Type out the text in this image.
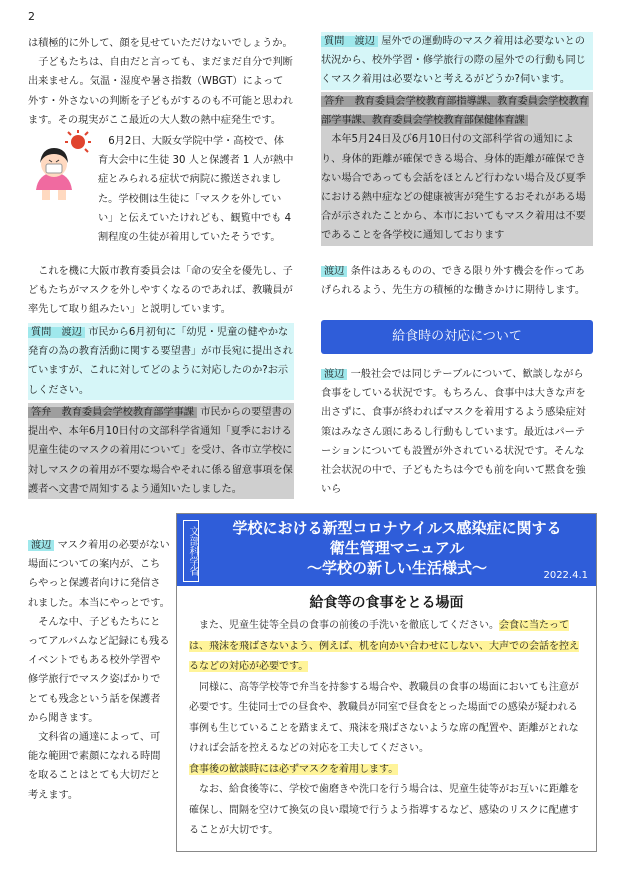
2

は積極的に外して、顔を見せていただけないでしょうか。

子どもたちは、自由だと言っても、まだまだ自分で判断出来ません。気温・湿度や暑さ指数（WBGT）によって外す・外さないの判断を子どもがするのも不可能と思われます。その現実がここ最近の大人数の熱中症発生です。

6月2日、大阪女学院中学・高校で、体育大会中に生徒 30 人と保護者 1 人が熱中症とみられる症状で病院に搬送されました。学校側は生徒に「マスクを外していい」と伝えていたけれども、観覧中でも 4 割程度の生徒が着用していたそうです。

これを機に大阪市教育委員会は「命の安全を優先し、子どもたちがマスクを外しやすくなるのであれば、教職員が率先して取り組みたい」と説明しています。

質問　渡辺 市民から6月初旬に「幼児・児童の健やかな発育の為の教育活動に関する要望書」が市長宛に提出されていますが、これに対してどのように対応したのか?お示しください。

答弁　教育委員会学校教育部学事課 市民からの要望書の提出や、本年6月10日付の文部科学省通知「夏季における児童生徒のマスクの着用について」を受け、各市立学校に対しマスクの着用が不要な場合やそれに係る留意事項を保護者へ文書で周知するよう通知いたしました。

渡辺 マスク着用の必要がない場面についての案内が、こちらやっと保護者向けに発信されました。本当にやっとです。

そんな中、子どもたちにとってアルバムなど記録にも残るイベントでもある校外学習や修学旅行でマスク姿ばかりでとても残念という話を保護者から聞きます。

文科省の通達によって、可能な範囲で素顔になれる時間を取ることはとても大切だと考えます。

質問　渡辺 屋外での運動時のマスク着用は必要ないとの状況から、校外学習・修学旅行の際の屋外での行動も同じくマスク着用は必要ないと考えるがどうか?伺います。

答弁　教育委員会学校教育部指導課、教育委員会学校教育部学事課、教育委員会学校教育部保健体育課

本年5月24日及び6月10日付の文部科学省の通知により、身体的距離が確保できる場合、身体的距離が確保できない場合であっても会話をほとんど行わない場合及び夏季における熱中症などの健康被害が発生するおそれがある場合が示されたことから、本市においてもマスク着用は不要であることを各学校に通知しております

渡辺 条件はあるものの、できる限り外す機会を作ってあげられるよう、先生方の積極的な働きかけに期待します。

給食時の対応について

渡辺 一般社会では同じテーブルについて、歓談しながら食事をしている状況です。もちろん、食事中は大きな声を出さずに、食事が終わればマスクを着用するよう感染症対策はみなさん頭にあるし行動もしています。最近はパーテーションについても設置が外されている状況です。そんな社会状況の中で、子どもたちは今でも前を向いて黙食を強いら

文部科学省	学校における新型コロナウイルス感染症に関する
衛生管理マニュアル
～学校の新しい生活様式～	2022.4.1
給食等の食事をとる場面

また、児童生徒等全員の食事の前後の手洗いを徹底してください。会食に当たっては、飛沫を飛ばさないよう、例えば、机を向かい合わせにしない、大声での会話を控えるなどの対応が必要です。

同様に、高等学校等で弁当を持参する場合や、教職員の食事の場面においても注意が必要です。生徒同士での昼食や、教職員が同室で昼食をとった場面での感染が疑われる事例も生じていることを踏まえて、飛沫を飛ばさないような席の配置や、距離がとれなければ会話を控えるなどの対応を工夫してください。

食事後の歓談時には必ずマスクを着用します。

なお、給食後等に、学校で歯磨きや洗口を行う場合は、児童生徒等がお互いに距離を確保し、間隔を空けて換気の良い環境で行うよう指導するなど、感染のリスクに配慮することが大切です。
